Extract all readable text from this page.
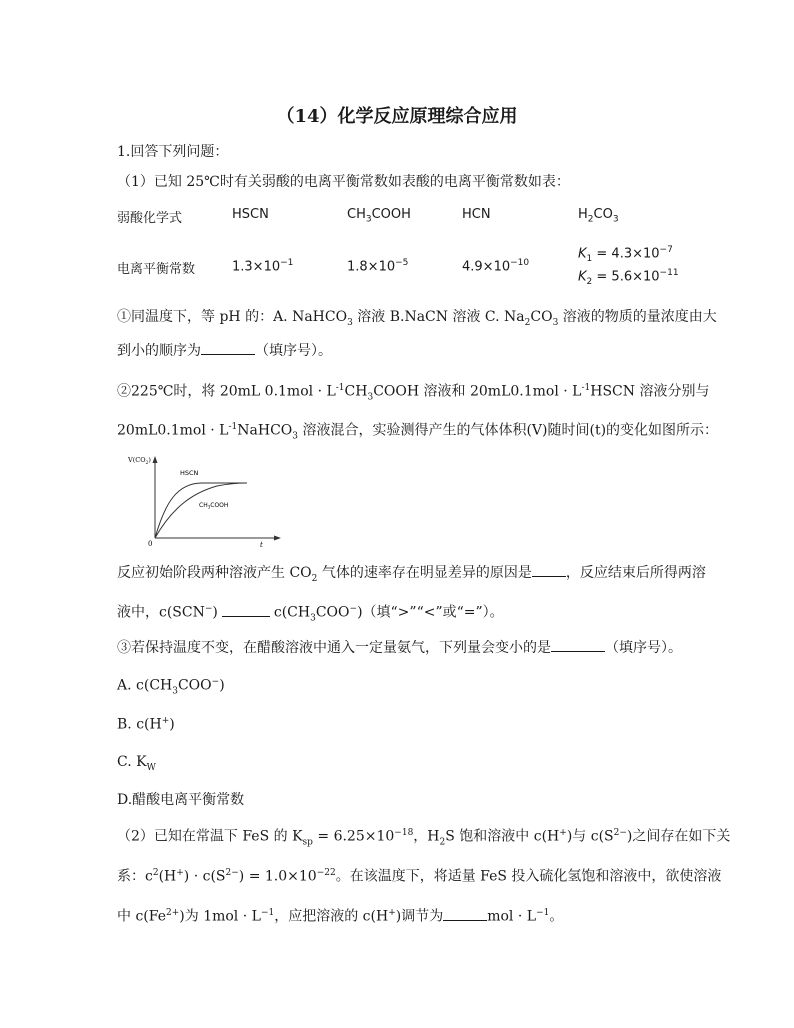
（14）化学反应原理综合应用
1.回答下列问题：
（1）已知 25℃时有关弱酸的电离平衡常数如表酸的电离平衡常数如表：
弱酸化学式	HSCN	$CH_3COOH$	HCN	$H_2CO_3$
电离平衡常数	$1.3\times 10^{-1}$	$1.8\times 10^{-5}$	$4.9\times 10^{-10}$
$K_1 = 4.3\times 10^{-7}$
$K_2 = 5.6\times 10^{-11}$
①同温度下，等 pH 的：A. NaHCO$_3$ 溶液 B.NaCN 溶液 C. $Na_2CO_3$ 溶液的物质的量浓度由大
到小的顺序为	（填序号）。
②225℃时，将 20mL $0.1mol \cdot L^{-1}CH_3COOH$ 溶液和 $20mL0.1mol \cdot L^{-1}HSCN$ 溶液分别与
$20mL0.1mol \cdot L^{-1}NaHCO_3$ 溶液混合，实验测得产生的气体体积(V)随时间(t)的变化如图所示：
$V(CO_2)$
HSCN
$CH_3COOH$
0	t
反应初始阶段两种溶液产生 $CO_2$ 气体的速率存在明显差异的原因是 ，反应结束后所得两溶
液中，c(SCN−)	$c(CH_3COO^-)$（填“>”“<”或“=”）。
③若保持温度不变，在醋酸溶液中通入一定量氨气，下列量会变小的是	（填序号）。
A. $c(CH_3COO^-)$
B. c(H+)
C. $K_W$
D.醋酸电离平衡常数
（2）已知在常温下 FeS 的 $K_{sp} = 6.25\times 10^{-18}$，$H_2S$ 饱和溶液中 c(H+)与 $c(S^{2-})$之间存在如下关
系：$c^2(H^+) \cdot c(S^{2-}) = 1.0\times 10^{-22}$。在该温度下，将适量 FeS 投入硫化氢饱和溶液中，欲使溶液
中 $c(Fe^{2+})$为 $1mol \cdot L^{-1}$，应把溶液的 c(H+)调节为	mol · $L^{-1}$。
